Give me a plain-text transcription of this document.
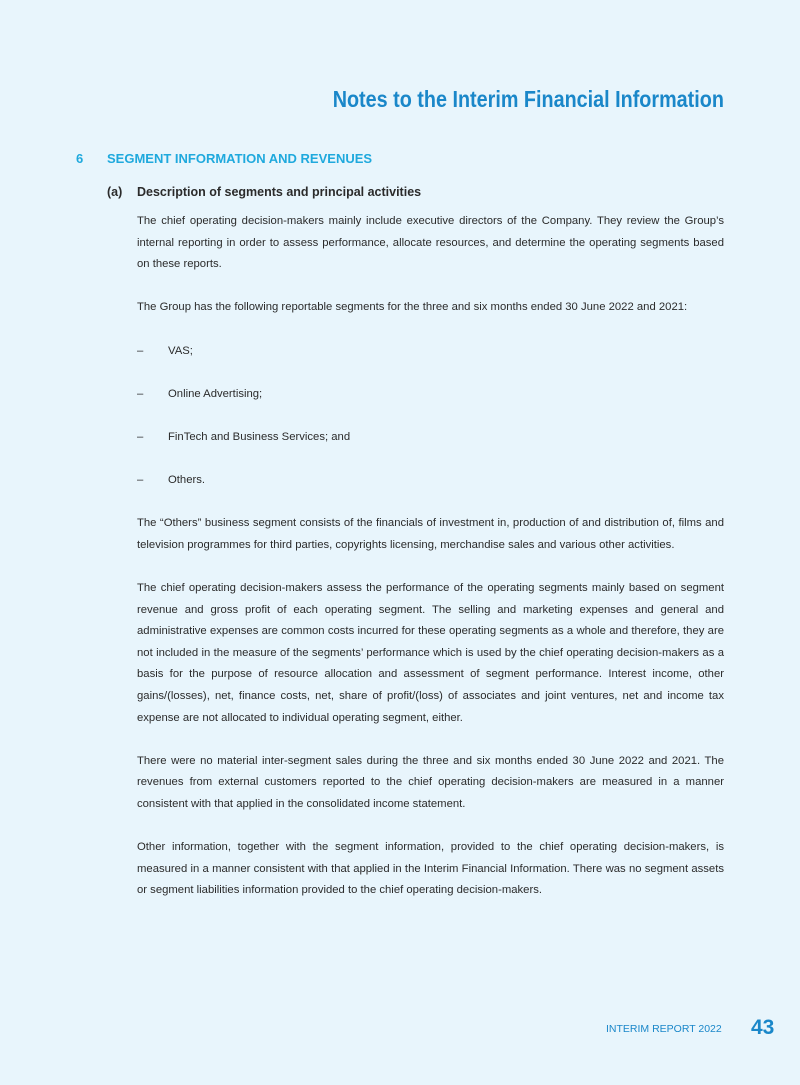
Notes to the Interim Financial Information
6 SEGMENT INFORMATION AND REVENUES
(a) Description of segments and principal activities

The chief operating decision-makers mainly include executive directors of the Company. They review the Group’s internal reporting in order to assess performance, allocate resources, and determine the operating segments based on these reports.

The Group has the following reportable segments for the three and six months ended 30 June 2022 and 2021:

–	VAS;
–	Online Advertising;
–	FinTech and Business Services; and
–	Others.

The “Others” business segment consists of the financials of investment in, production of and distribution of, films and television programmes for third parties, copyrights licensing, merchandise sales and various other activities.

The chief operating decision-makers assess the performance of the operating segments mainly based on segment revenue and gross profit of each operating segment. The selling and marketing expenses and general and administrative expenses are common costs incurred for these operating segments as a whole and therefore, they are not included in the measure of the segments’ performance which is used by the chief operating decision-makers as a basis for the purpose of resource allocation and assessment of segment performance. Interest income, other gains/(losses), net, finance costs, net, share of profit/(loss) of associates and joint ventures, net and income tax expense are not allocated to individual operating segment, either.

There were no material inter-segment sales during the three and six months ended 30 June 2022 and 2021. The revenues from external customers reported to the chief operating decision-makers are measured in a manner consistent with that applied in the consolidated income statement.

Other information, together with the segment information, provided to the chief operating decision-makers, is measured in a manner consistent with that applied in the Interim Financial Information. There was no segment assets or segment liabilities information provided to the chief operating decision-makers.

INTERIM REPORT 2022 43
